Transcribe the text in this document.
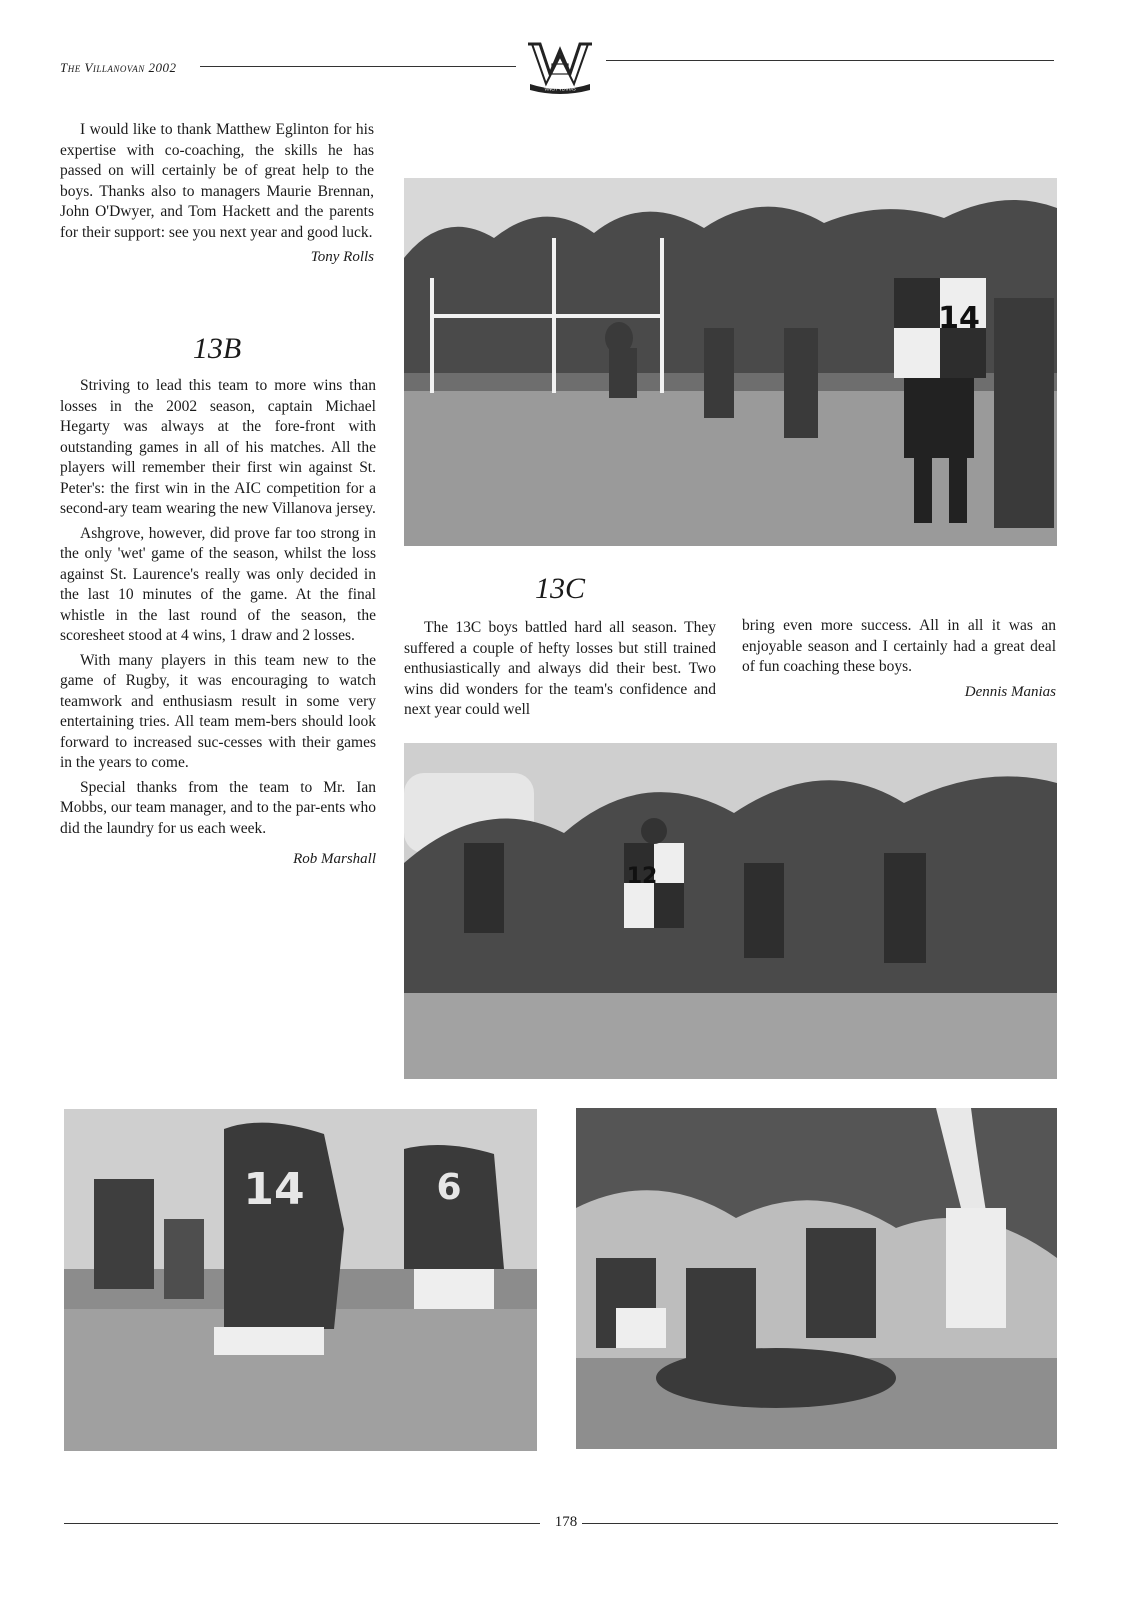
The Villanovan 2002
VINCIT VERITAS

I would like to thank Matthew Eglinton for his expertise with co-coaching, the skills he has passed on will certainly be of great help to the boys. Thanks also to managers Maurie Brennan, John O'Dwyer, and Tom Hackett and the parents for their support: see you next year and good luck.

Tony Rolls
13B

Striving to lead this team to more wins than losses in the 2002 season, captain Michael Hegarty was always at the fore-front with outstanding games in all of his matches. All the players will remember their first win against St. Peter's: the first win in the AIC competition for a second-ary team wearing the new Villanova jersey.

Ashgrove, however, did prove far too strong in the only 'wet' game of the season, whilst the loss against St. Laurence's really was only decided in the last 10 minutes of the game. At the final whistle in the last round of the season, the scoresheet stood at 4 wins, 1 draw and 2 losses.

With many players in this team new to the game of Rugby, it was encouraging to watch teamwork and enthusiasm result in some very entertaining tries. All team mem-bers should look forward to increased suc-cesses with their games in the years to come.

Special thanks from the team to Mr. Ian Mobbs, our team manager, and to the par-ents who did the laundry for us each week.

Rob Marshall
14
13C

The 13C boys battled hard all season. They suffered a couple of hefty losses but still trained enthusiastically and always did their best. Two wins did wonders for the team's confidence and next year could well

bring even more success. All in all it was an enjoyable season and I certainly had a great deal of fun coaching these boys.

Dennis Manias
12
14	6
178
